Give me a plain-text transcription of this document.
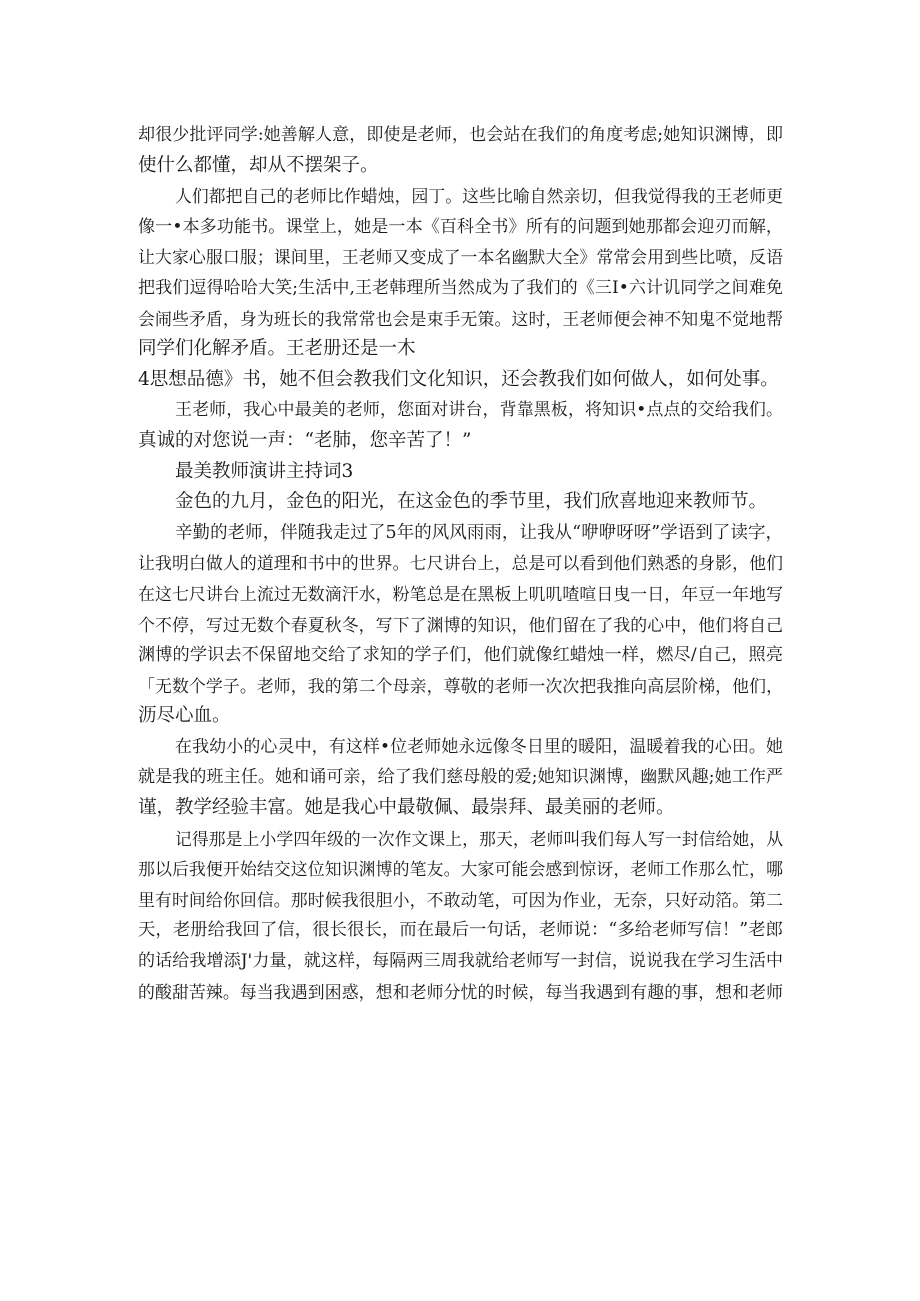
却很少批评同学:她善解人意，即使是老师，也会站在我们的角度考虑;她知识渊博，即
使什么都懂，却从不摆架子。
人们都把自己的老师比作蜡烛，园丁。这些比喻自然亲切，但我觉得我的王老师更
像一•本多功能书。课堂上，她是一本《百科全书》所有的问题到她那都会迎刃而解，
让大家心服口服；课间里，王老师又变成了一本名幽默大全》常常会用到些比喷，反语
把我们逗得哈哈大笑;生活中,王老韩理所当然成为了我们的《三I•六计讥同学之间难免
会闹些矛盾，身为班长的我常常也会是束手无策。这时，王老师便会神不知鬼不觉地帮
同学们化解矛盾。王老册还是一木
4思想品德》书，她不但会教我们文化知识，还会教我们如何做人，如何处事。
王老师，我心中最美的老师，您面对讲台，背靠黑板，将知识•点点的交给我们。
真诚的对您说一声：“老肺，您辛苦了！”
最美教师演讲主持词3
金色的九月，金色的阳光，在这金色的季节里，我们欣喜地迎来教师节。
辛勤的老师，伴随我走过了5年的风风雨雨，让我从“咿咿呀呀”学语到了读字，
让我明白做人的道理和书中的世界。七尺讲台上，总是可以看到他们熟悉的身影，他们
在这七尺讲台上流过无数滴汗水，粉笔总是在黑板上叽叽喳喧日曳一日，年豆一年地写
个不停，写过无数个春夏秋冬，写下了渊博的知识，他们留在了我的心中，他们将自己
渊博的学识去不保留地交给了求知的学子们，他们就像红蜡烛一样，燃尽/自己，照亮
「无数个学子。老师，我的第二个母亲，尊敬的老师一次次把我推向高层阶梯，他们，
沥尽心血。
在我幼小的心灵中，有这样•位老师她永远像冬日里的暖阳，温暖着我的心田。她
就是我的班主任。她和诵可亲，给了我们慈母般的爱;她知识渊博，幽默风趣;她工作严
谨，教学经验丰富。她是我心中最敬佩、最崇拜、最美丽的老师。
记得那是上小学四年级的一次作文课上，那天，老师叫我们每人写一封信给她，从
那以后我便开始结交这位知识渊博的笔友。大家可能会感到惊讶，老师工作那么忙，哪
里有时间给你回信。那时候我很胆小，不敢动笔，可因为作业，无奈，只好动箔。第二
天，老册给我回了信，很长很长，而在最后一句话，老师说：“多给老师写信！”老郎
的话给我增添J'力量，就这样，每隔两三周我就给老师写一封信，说说我在学习生活中
的酸甜苦辣。每当我遇到困惑，想和老师分忧的时候，每当我遇到有趣的事，想和老师
